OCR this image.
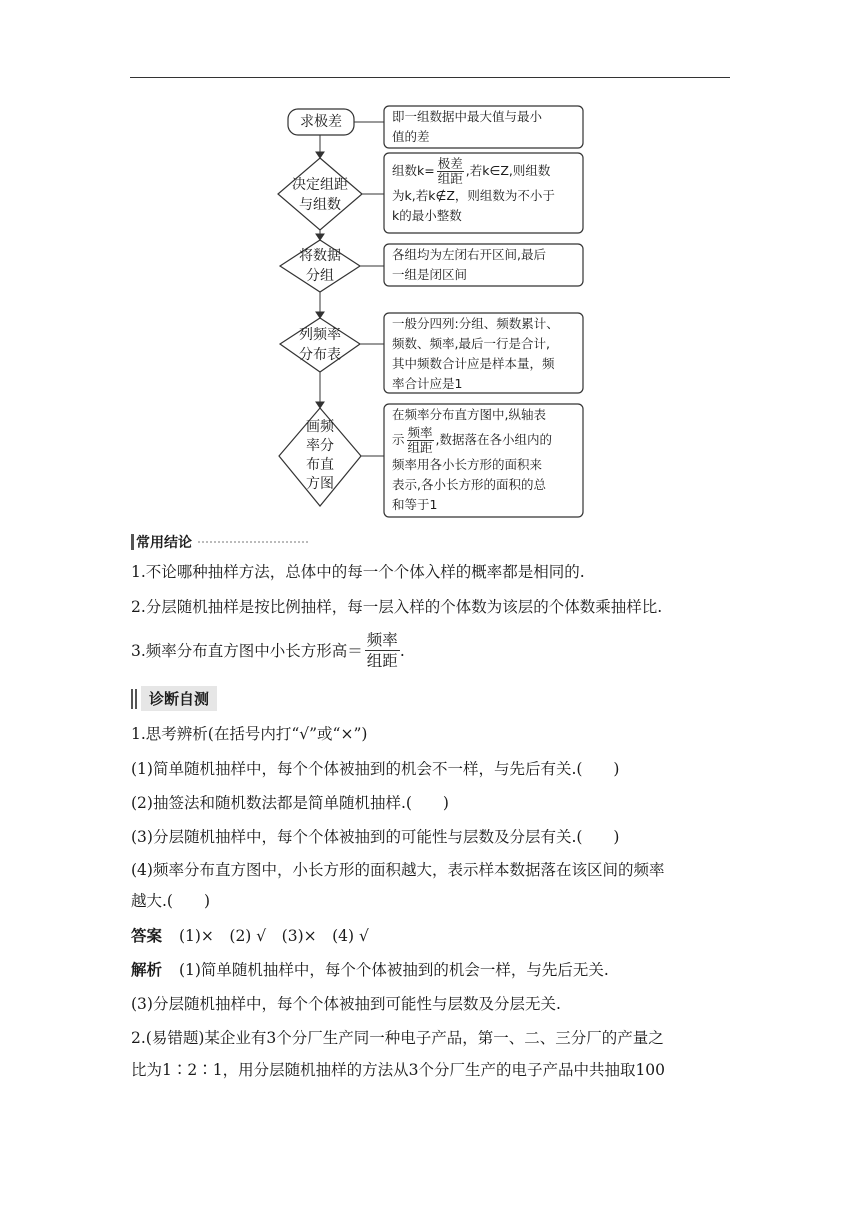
求极差
决定组距
与组数
将数据
分组
列频率
分布表
画频
率分
布直
方图
即一组数据中最大值与最小
值的差
组数$k= \frac{\text{极差}}{\text{组距}}$ ,若k∈Z,则组数
为k,若k∉Z，则组数为不小于
k的最小整数
各组均为左闭右开区间,最后
一组是闭区间
一般分四列:分组、频数累计、
频数、频率,最后一行是合计,
其中频数合计应是样本量，频
率合计应是1
在频率分布直方图中,纵轴表
示 $\frac{\text{频率}}{\text{组距}}$ ,数据落在各小组内的
频率用各小长方形的面积来
表示,各小长方形的面积的总
和等于1
常用结论
1.不论哪种抽样方法，总体中的每一个个体入样的概率都是相同的.
2.分层随机抽样是按比例抽样，每一层入样的个体数为该层的个体数乘抽样比.
3.频率分布直方图中小长方形高＝ $\frac{\text{频率}}{\text{组距}}$ .
诊断自测
1.思考辨析(在括号内打“√”或“×”)
(1)简单随机抽样中，每个个体被抽到的机会不一样，与先后有关.(　　)
(2)抽签法和随机数法都是简单随机抽样.(　　)
(3)分层随机抽样中，每个个体被抽到的可能性与层数及分层有关.(　　)
(4)频率分布直方图中，小长方形的面积越大，表示样本数据落在该区间的频率
越大.(　　)
答案 (1)×　(2) √　(3)×　(4) √
解析 (1)简单随机抽样中，每个个体被抽到的机会一样，与先后无关.
(3)分层随机抽样中，每个个体被抽到可能性与层数及分层无关.
2.(易错题)某企业有3个分厂生产同一种电子产品，第一、二、三分厂的产量之
比为1∶2∶1，用分层随机抽样的方法从3个分厂生产的电子产品中共抽取100
